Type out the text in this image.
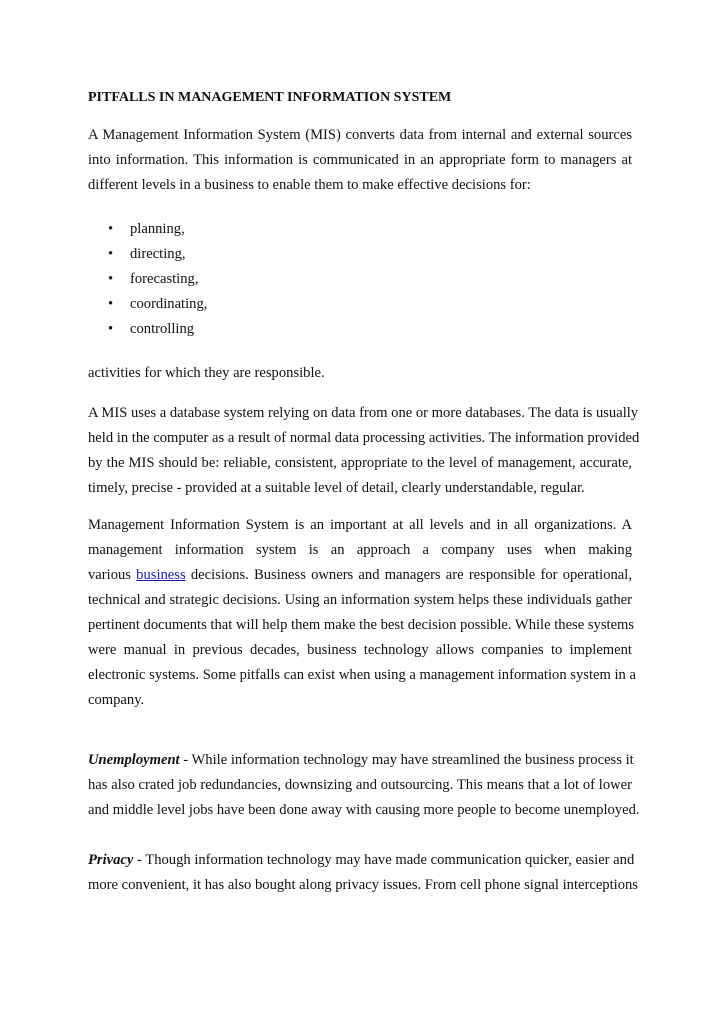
PITFALLS IN MANAGEMENT INFORMATION SYSTEM
A Management Information System (MIS) converts data from internal and external sources
into information. This information is communicated in an appropriate form to managers at
different levels in a business to enable them to make effective decisions for:
• planning,
• directing,
• forecasting,
• coordinating,
• controlling
activities for which they are responsible.
A MIS uses a database system relying on data from one or more databases. The data is usually
held in the computer as a result of normal data processing activities. The information provided
by the MIS should be: reliable, consistent, appropriate to the level of management, accurate,
timely, precise - provided at a suitable level of detail, clearly understandable, regular.
Management Information System is an important at all levels and in all organizations. A
management information system is an approach a company uses when making
various business decisions. Business owners and managers are responsible for operational,
technical and strategic decisions. Using an information system helps these individuals gather
pertinent documents that will help them make the best decision possible. While these systems
were manual in previous decades, business technology allows companies to implement
electronic systems. Some pitfalls can exist when using a management information system in a
company.
Unemployment - While information technology may have streamlined the business process it
has also crated job redundancies, downsizing and outsourcing. This means that a lot of lower
and middle level jobs have been done away with causing more people to become unemployed.
Privacy - Though information technology may have made communication quicker, easier and
more convenient, it has also bought along privacy issues. From cell phone signal interceptions
